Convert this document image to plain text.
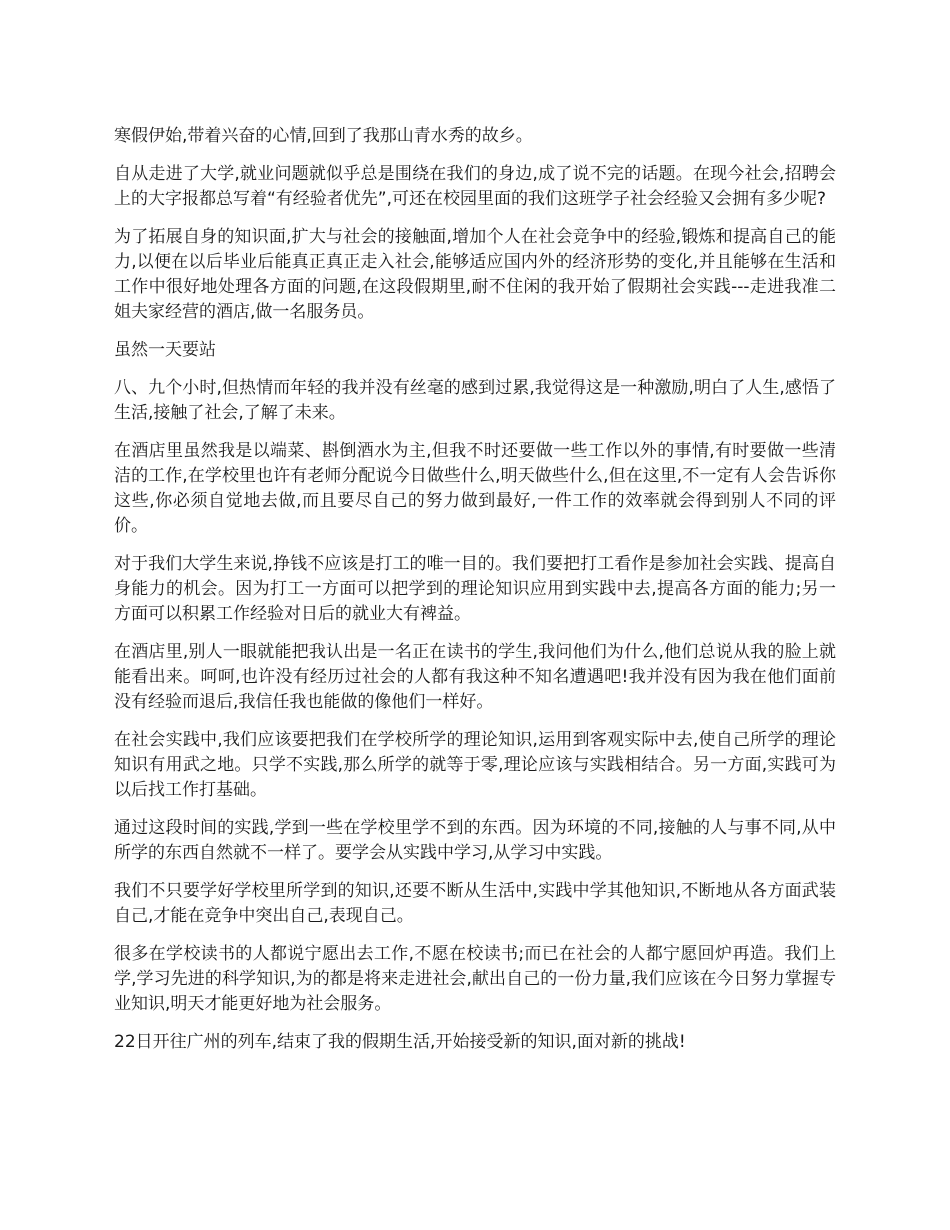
寒假伊始,带着兴奋的心情,回到了我那山青水秀的故乡。

自从走进了大学,就业问题就似乎总是围绕在我们的身边,成了说不完的话题。在现今社会,招聘会上的大字报都总写着“有经验者优先”,可还在校园里面的我们这班学子社会经验又会拥有多少呢?

为了拓展自身的知识面,扩大与社会的接触面,增加个人在社会竞争中的经验,锻炼和提高自己的能力,以便在以后毕业后能真正真正走入社会,能够适应国内外的经济形势的变化,并且能够在生活和工作中很好地处理各方面的问题,在这段假期里,耐不住闲的我开始了假期社会实践---走进我准二姐夫家经营的酒店,做一名服务员。

虽然一天要站

八、九个小时,但热情而年轻的我并没有丝毫的感到过累,我觉得这是一种激励,明白了人生,感悟了生活,接触了社会,了解了未来。

在酒店里虽然我是以端菜、斟倒酒水为主,但我不时还要做一些工作以外的事情,有时要做一些清洁的工作,在学校里也许有老师分配说今日做些什么,明天做些什么,但在这里,不一定有人会告诉你这些,你必须自觉地去做,而且要尽自己的努力做到最好,一件工作的效率就会得到别人不同的评价。

对于我们大学生来说,挣钱不应该是打工的唯一目的。我们要把打工看作是参加社会实践、提高自身能力的机会。因为打工一方面可以把学到的理论知识应用到实践中去,提高各方面的能力;另一方面可以积累工作经验对日后的就业大有裨益。

在酒店里,别人一眼就能把我认出是一名正在读书的学生,我问他们为什么,他们总说从我的脸上就能看出来。呵呵,也许没有经历过社会的人都有我这种不知名遭遇吧!我并没有因为我在他们面前没有经验而退后,我信任我也能做的像他们一样好。

在社会实践中,我们应该要把我们在学校所学的理论知识,运用到客观实际中去,使自己所学的理论知识有用武之地。只学不实践,那么所学的就等于零,理论应该与实践相结合。另一方面,实践可为以后找工作打基础。

通过这段时间的实践,学到一些在学校里学不到的东西。因为环境的不同,接触的人与事不同,从中所学的东西自然就不一样了。要学会从实践中学习,从学习中实践。

我们不只要学好学校里所学到的知识,还要不断从生活中,实践中学其他知识,不断地从各方面武装自己,才能在竞争中突出自己,表现自己。

很多在学校读书的人都说宁愿出去工作,不愿在校读书;而已在社会的人都宁愿回炉再造。我们上学,学习先进的科学知识,为的都是将来走进社会,献出自己的一份力量,我们应该在今日努力掌握专业知识,明天才能更好地为社会服务。

22日开往广州的列车,结束了我的假期生活,开始接受新的知识,面对新的挑战!
